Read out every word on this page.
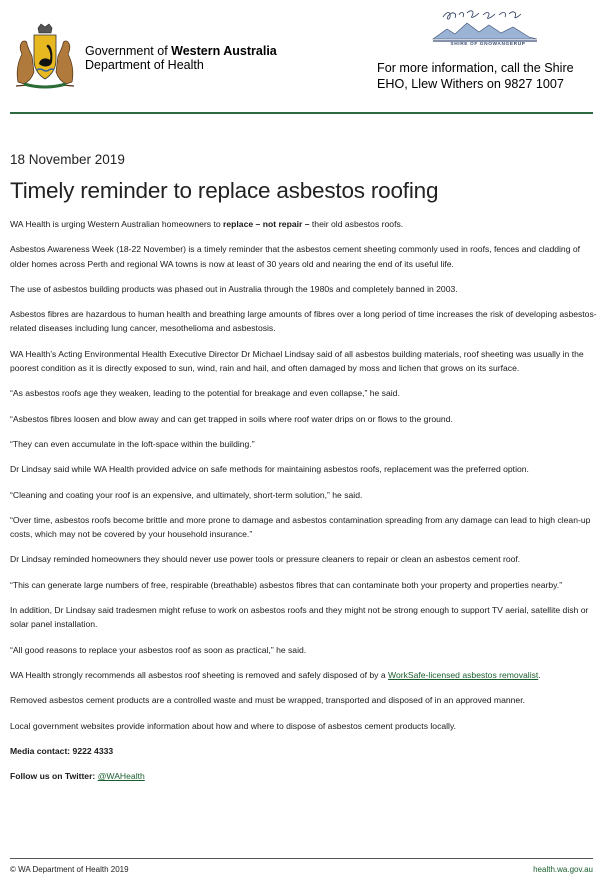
Government of Western Australia
Department of Health
SHIRE OF GNOWANGERUP
For more information, call the Shire
EHO, Llew Withers on 9827 1007
18 November 2019
Timely reminder to replace asbestos roofing

WA Health is urging Western Australian homeowners to replace – not repair – their old asbestos roofs.

Asbestos Awareness Week (18-22 November) is a timely reminder that the asbestos cement sheeting commonly used in roofs, fences and cladding of older homes across Perth and regional WA towns is now at least of 30 years old and nearing the end of its useful life.

The use of asbestos building products was phased out in Australia through the 1980s and completely banned in 2003.

Asbestos fibres are hazardous to human health and breathing large amounts of fibres over a long period of time increases the risk of developing asbestos-related diseases including lung cancer, mesothelioma and asbestosis.

WA Health’s Acting Environmental Health Executive Director Dr Michael Lindsay said of all asbestos building materials, roof sheeting was usually in the poorest condition as it is directly exposed to sun, wind, rain and hail, and often damaged by moss and lichen that grows on its surface.

“As asbestos roofs age they weaken, leading to the potential for breakage and even collapse,” he said.

“Asbestos fibres loosen and blow away and can get trapped in soils where roof water drips on or flows to the ground.

“They can even accumulate in the loft-space within the building.”

Dr Lindsay said while WA Health provided advice on safe methods for maintaining asbestos roofs, replacement was the preferred option.

“Cleaning and coating your roof is an expensive, and ultimately, short-term solution,” he said.

“Over time, asbestos roofs become brittle and more prone to damage and asbestos contamination spreading from any damage can lead to high clean-up costs, which may not be covered by your household insurance.”

Dr Lindsay reminded homeowners they should never use power tools or pressure cleaners to repair or clean an asbestos cement roof.

“This can generate large numbers of free, respirable (breathable) asbestos fibres that can contaminate both your property and properties nearby.”

In addition, Dr Lindsay said tradesmen might refuse to work on asbestos roofs and they might not be strong enough to support TV aerial, satellite dish or solar panel installation.

“All good reasons to replace your asbestos roof as soon as practical,” he said.

WA Health strongly recommends all asbestos roof sheeting is removed and safely disposed of by a WorkSafe-licensed asbestos removalist.

Removed asbestos cement products are a controlled waste and must be wrapped, transported and disposed of in an approved manner.

Local government websites provide information about how and where to dispose of asbestos cement products locally.

Media contact: 9222 4333

Follow us on Twitter: @WAHealth

© WA Department of Health 2019	health.wa.gov.au
